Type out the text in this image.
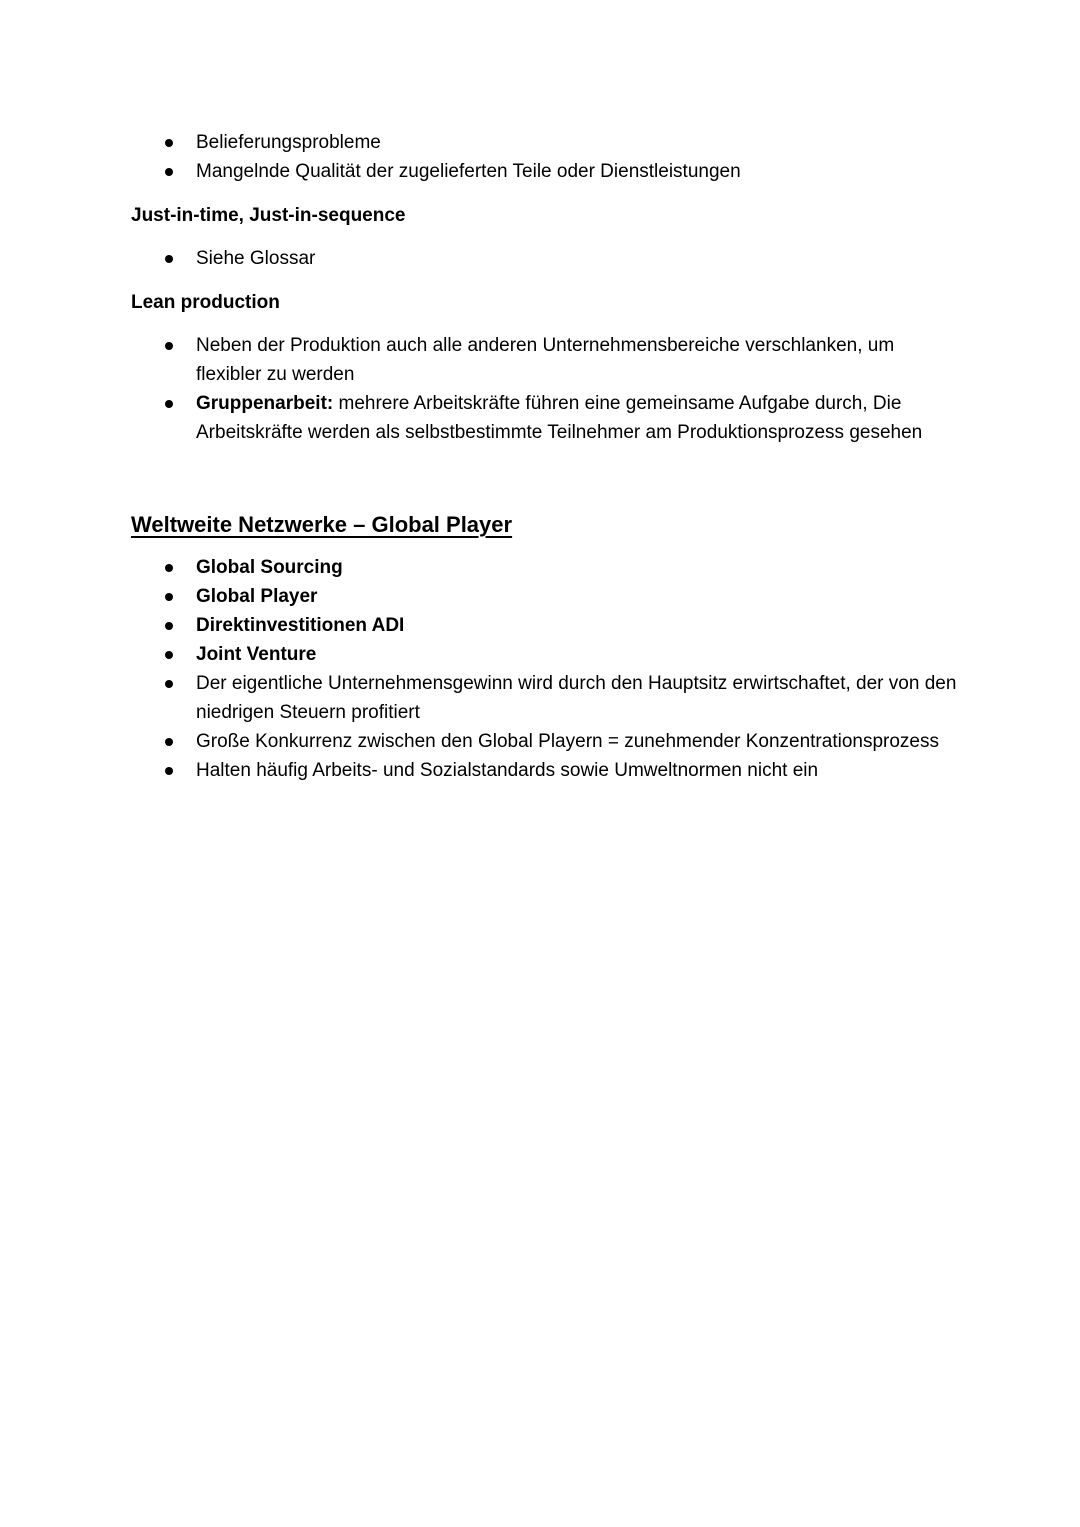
Belieferungsprobleme
Mangelnde Qualität der zugelieferten Teile oder Dienstleistungen
Just-in-time, Just-in-sequence
Siehe Glossar
Lean production
Neben der Produktion auch alle anderen Unternehmensbereiche verschlanken, um flexibler zu werden
Gruppenarbeit: mehrere Arbeitskräfte führen eine gemeinsame Aufgabe durch, Die Arbeitskräfte werden als selbstbestimmte Teilnehmer am Produktionsprozess gesehen
Weltweite Netzwerke – Global Player
Global Sourcing
Global Player
Direktinvestitionen ADI
Joint Venture
Der eigentliche Unternehmensgewinn wird durch den Hauptsitz erwirtschaftet, der von den niedrigen Steuern profitiert
Große Konkurrenz zwischen den Global Playern = zunehmender Konzentrationsprozess
Halten häufig Arbeits- und Sozialstandards sowie Umweltnormen nicht ein
